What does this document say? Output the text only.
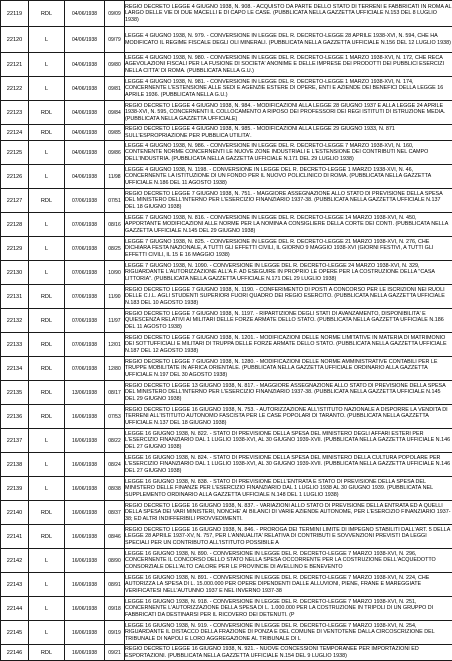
22119	RDL	04/06/1938	09/09	REGIO DECRETO LEGGE 4 GIUGNO 1938, N. 908. - ACQUISTO DA PARTE DELLO STATO DI TERRENI E FABBRICATI IN ROMA AL LARGO DELLE VIE DI DUE MACELLI E DI CAPO LE CASE. (PUBBLICATA NELLA GAZZETTA UFFICIALE N.153 DEL 8 LUGLIO 1938)

22120	L	04/06/1938	09/79	LEGGE 4 GIUGNO 1938, N. 979. - CONVERSIONE IN LEGGE DEL R. DECRETO-LEGGE 28 APRILE 1938-XVI, N. 594, CHE HA MODIFICATO IL REGIME FISCALE DEGLI OLI MINERALI. (PUBBLICATA NELLA GAZZETTA UFFICIALE N.156 DEL 12 LUGLIO 1938)

22121	L	04/06/1938	09/80	LEGGE 4 GIUGNO 1938, N. 980. - CONVERSIONE IN LEGGE DEL R. DECRETO-LEGGE 1 MARZO 1938-XVI, N. 172, CHE RECA AGEVOLAZIONI FISCALI PER LA FUSIONE DI SOCIETA' ANONIME E DELLE IMPRESE DEI PRODOTTI DEI PUBBLICI ESERCIZI NELLA CITTA' DI ROMA. (PUBBLICATA NELLA G.U.)

22122	L	04/06/1938	09/81	LEGGE 4 GIUGNO 1938, N. 981. - CONVERSIONE IN LEGGE DEL R. DECRETO-LEGGE 1 MARZO 1938-XVI, N. 174, CONCERNENTE L'ESTENSIONE ALLE SEDI E AGENZIE ESTERE DI OPERE, ENTI E AZIENDE DEI BENEFICI DELLA LEGGE 16 APRILE 1936. (PUBBLICATA NELLA G.U.)

22123	RDL	04/06/1938	09/84	REGIO DECRETO LEGGE 4 GIUGNO 1938, N. 984. - MODIFICAZIONI ALLA LEGGE 28 GIUGNO 1937 E ALLA LEGGE 24 APRILE 1938-XVI, N. 595, CONCERNENTI IL COLLOCAMENTO A RIPOSO DEI PROFESSORI DEI REGI ISTITUTI DI ISTRUZIONE MEDIA. (PUBBLICATA NELLA GAZZETTA UFFICIALE)

22124	RDL	04/06/1938	09/85	REGIO DECRETO LEGGE 4 GIUGNO 1938, N. 985. - MODIFICAZIONI ALLA LEGGE 29 GIUGNO 1933, N. 871 SULL'ESPROPRIAZIONE PER PUBBLICA UTILITA'.

22125	L	04/06/1938	09/86	LEGGE 4 GIUGNO 1938, N. 986. - CONVERSIONE IN LEGGE DEL R. DECRETO-LEGGE 7 MARZO 1938-XVI, N. 160, CONTENENTE NORME CONCERNENTI LE NUOVE ZONE INDUSTRIALI E L'ESTENSIONE DEI CONTRIBUTI NEL CAMPO DELL'INDUSTRIA. (PUBBLICATA NELLA GAZZETTA UFFICIALE N.171 DEL 29 LUGLIO 1938)

22126	L	04/06/1938	11/98	LEGGE 4 GIUGNO 1938, N. 1198. - CONVERSIONE IN LEGGE DEL R. DECRETO-LEGGE 1 MARZO 1938-XVI, N. 46, CONCERNENTE LA ISTITUZIONE DI UN FONDO PER IL NUOVO POLICLINICO DI ROMA. (PUBBLICATA NELLA GAZZETTA UFFICIALE N.186 DEL 11 AGOSTO 1938)

22127	RDL	07/06/1938	07/51	REGIO DECRETO LEGGE 7 GIUGNO 1938, N. 751. - MAGGIORE ASSEGNAZIONE ALLO STATO DI PREVISIONE DELLA SPESA DEL MINISTERO DELL'INTERNO PER L'ESERCIZIO FINANZIARIO 1937-38. (PUBBLICATA NELLA GAZZETTA UFFICIALE N.137 DEL 18 GIUGNO 1938)

22128	L	07/06/1938	08/16	LEGGE 7 GIUGNO 1938, N. 816. - CONVERSIONE IN LEGGE DEL R. DECRETO-LEGGE 14 MARZO 1938-XVI, N. 450, APPORTANTE MODIFICAZIONI ALLE NORME PER LA NOMINA A CONSIGLIERE DELLA CORTE DEI CONTI. (PUBBLICATA NELLA GAZZETTA UFFICIALE N.145 DEL 29 GIUGNO 1938)

22129	L	07/06/1938	08/25	LEGGE 7 GIUGNO 1938, N. 825. - CONVERSIONE IN LEGGE DEL R. DECRETO-LEGGE 21 MARZO 1938-XVI, N. 276, CHE DICHIARA FESTA NAZIONALE, A TUTTI GLI EFFETTI CIVILI, IL GIORNO 9 MAGGIO 1938-XVI (GIORNI FESTIVI, A TUTTI GLI EFFETTI CIVILI, IL 15 E 16 MAGGIO 1938)

22130	L	07/06/1938	10/90	LEGGE 7 GIUGNO 1938, N. 1090. - CONVERSIONE IN LEGGE DEL R. DECRETO-LEGGE 24 MARZO 1938-XVI, N. 329, RIGUARDANTE L'AUTORIZZAZIONE ALL'A.F. AD ESEGUIRE IN PROPRIO LE OPERE PER LA COSTRUZIONE DELLA "CASA LITTORIA". (PUBBLICATA NELLA GAZZETTA UFFICIALE N.171 DEL 29 LUGLIO 1938)

22131	RDL	07/06/1938	11/90	REGIO DECRETO LEGGE 7 GIUGNO 1938, N. 1190. - CONFERIMENTO DI POSTI A CONCORSO PER LE ISCRIZIONI NEI RUOLI DELLE C.I.L. AGLI STUDENTI SUPERIORI FUORI QUADRO DEI REGIO ESERCITO. (PUBBLICATA NELLA GAZZETTA UFFICIALE N.183 DEL 10 AGOSTO 1938)

22132	RDL	07/06/1938	11/97	REGIO DECRETO LEGGE 7 GIUGNO 1938, N. 1197. - RIPARTIZIONE DEGLI STATI DI AVANZAMENTO, DISPONIBILITA' E QUIESCENZA RELATIVI AI MILITARI DELLE FORZE ARMATE DELLO STATO. (PUBBLICATA NELLA GAZZETTA UFFICIALE N.186 DEL 11 AGOSTO 1938)

22133	RDL	07/06/1938	12/01	REGIO DECRETO LEGGE 7 GIUGNO 1938, N. 1201. - MODIFICAZIONI DELLE NORME LIMITATIVE IN MATERIA DI MATRIMONIO DEI SOTTUFFICIALI E MILITARI DI TRUPPA DELLE FORZE ARMATE DELLO STATO. (PUBBLICATA NELLA GAZZETTA UFFICIALE N.187 DEL 12 AGOSTO 1938)

22134	RDL	07/06/1938	12/80	REGIO DECRETO LEGGE 7 GIUGNO 1938, N. 1280. - MODIFICAZIONI DELLE NORME AMMINISTRATIVE CONTABILI PER LE TRUPPE MOBILITATE IN AFRICA ORIENTALE. (PUBBLICATA NELLA GAZZETTA UFFICIALE ORDINARIO ALLA GAZZETTA UFFICIALE N.197 DEL 30 AGOSTO 1938)

22135	RDL	13/06/1938	08/17	REGIO DECRETO LEGGE 13 GIUGNO 1938, N. 817. - MAGGIORE ASSEGNAZIONE ALLO STATO DI PREVISIONE DELLA SPESA DEL MINISTERO DELL'INTERNO PER L'ESERCIZIO FINANZIARIO 1937-38. (PUBBLICATA NELLA GAZZETTA UFFICIALE N.145 DEL 29 GIUGNO 1938)

22136	RDL	16/06/1938	07/53	REGIO DECRETO LEGGE 16 GIUGNO 1938, N. 753. - AUTORIZZAZIONE ALL'ISTITUTO NAZIONALE A DISPORRE LA VENDITA DI TERRENI ALL'ISTITUTO AUTONOMO FASCISTA PER LE CASE POPOLARI DI TARANTO. (PUBBLICATA NELLA GAZZETTA UFFICIALE N.137 DEL 18 GIUGNO 1938)

22137	L	16/06/1938	08/22	LEGGE 16 GIUGNO 1938, N. 822. - STATO DI PREVISIONE DELLA SPESA DEL MINISTERO DEGLI AFFARI ESTERI PER L'ESERCIZIO FINANZIARIO DAL 1 LUGLIO 1938-XVI, AL 30 GIUGNO 1939-XVII. (PUBBLICATA NELLA GAZZETTA UFFICIALE N.146 DEL 27 GIUGNO 1938)

22138	L	16/06/1938	08/24	LEGGE 16 GIUGNO 1938, N. 824. - STATO DI PREVISIONE DELLA SPESA DEL MINISTERO DELLA CULTURA POPOLARE PER L'ESERCIZIO FINANZIARIO DAL 1 LUGLIO 1938-XVI, AL 30 GIUGNO 1939-XVII. (PUBBLICATA NELLA GAZZETTA UFFICIALE N.146 DEL 27 GIUGNO 1938)

22139	L	16/06/1938	08/38	LEGGE 16 GIUGNO 1938, N. 838. - STATO DI PREVISIONE DELL'ENTRATA E STATO DI PREVISIONE DELLA SPESA DEL MINISTERO DELLE FINANZE PER L'ESERCIZIO FINANZIARIO DAL 1 LUGLIO 1938 AL 30 GIUGNO 1939. (PUBBLICATA NEL SUPPLEMENTO ORDINARIO ALLA GAZZETTA UFFICIALE N.148 DEL 1 LUGLIO 1938)

22140	RDL	16/06/1938	08/37	REGIO DECRETO LEGGE 16 GIUGNO 1938, N. 837. - VARIAZIONI ALLO STATO DI PREVISIONE DELLA ENTRATA ED A QUELLI DELLA SPESA DEI VARI MINISTERI, NONCHE' AI BILANCI DI VARIE AZIENDE AUTONOME, PER L'ESERCIZIO FINANZIARIO 1937-38; ED ALTRI INDIFFERIBILI PROVVEDIMENTI.

22141	RDL	16/06/1938	08/46	REGIO DECRETO LEGGE 16 GIUGNO 1938, N. 846. - PROROGA DEI TERMINI LIMITE DI IMPEGNO STABILITI DALL'ART. 5 DELLA LEGGE 28 APRILE 1937-XV, N. 757, PER L'ANNUALITA' RELATIVA DI CONTRIBUTI E SOVVENZIONI PREVISTI DA LEGGI SPECIALI PER UN CONTRIBUTO ALL'ISTITUTO POSSIBILE A

22142	L	16/06/1938	08/90	LEGGE 16 GIUGNO 1938, N. 890. - CONVERSIONE IN LEGGE DEL R. DECRETO-LEGGE 7 MARZO 1938-XVI, N. 296, CONCERNENTE IL CONCORSO DELLO STATO NELLA SPESA OCCORRENTE PER LA COSTRUZIONE DELL'ACQUEDOTTO CONSORZIALE DELL'ALTO CALORE PER LE PROVINCIE DI AVELLINO E BENEVENTO

22143	L	16/06/1938	08/91	LEGGE 16 GIUGNO 1938, N. 891. - CONVERSIONE IN LEGGE DEL R. DECRETO-LEGGE 7 MARZO 1938-XVI, N. 224, CHE AUTORIZZA LA SPESA DI L. 15.000.000 PER OPERE DIPENDENTI DALLE ALLUVIONI, PIENE, FRANE E MAREGGIATE VERIFICATESI NELL'AUTUNNO 1937 E NEL INVERNO 1937-38

22144	L	16/06/1938	09/18	LEGGE 16 GIUGNO 1938, N. 918. - CONVERSIONE IN LEGGE DEL R. DECRETO-LEGGE 7 MARZO 1938-XVI, N. 251, CONCERNENTE L'AUTORIZZAZIONE DELLA SPESA DI L. 1.000.000 PER LA COSTRUZIONE IN TRIPOLI DI UN GRUPPO DI FABBRICATI DA DESTINARSI PER IL RICOVERO DEI DETENUTI. (P

22145	L	16/06/1938	09/19	LEGGE 16 GIUGNO 1938, N. 919. - CONVERSIONE IN LEGGE DEL R. DECRETO-LEGGE 7 MARZO 1938-XVI, N. 254, RIGUARDANTE IL DISTACCO DELLA FRAZIONE DI PONZA E DEL COMUNE DI VENTOTENE DALLA CIRCOSCRIZIONE DEL TRIBUNALE DI NAPOLI E LORO AGGREGAZIONE AL TRIBUNALE DI L

22146	RDL	16/06/1938	09/21	REGIO DECRETO LEGGE 16 GIUGNO 1938, N. 921. - NUOVE CONCESSIONI TEMPORANEE PER IMPORTAZIONI ED ESPORTAZIONI. (PUBBLICATA NELLA GAZZETTA UFFICIALE N.154 DEL 9 LUGLIO 1938)
